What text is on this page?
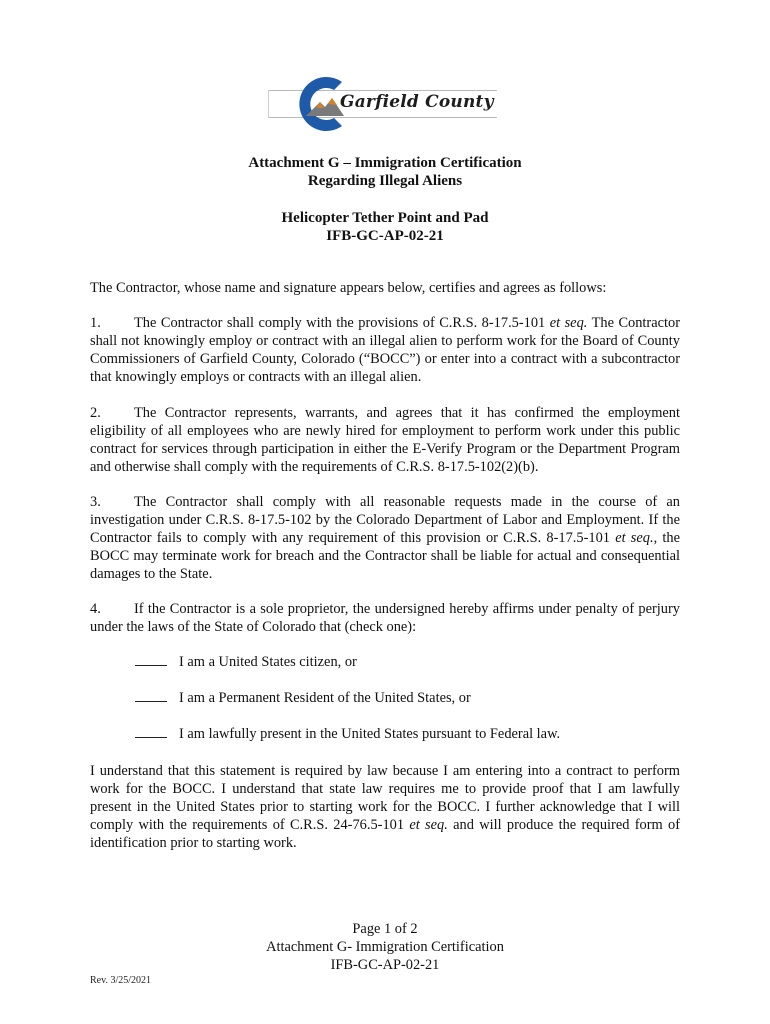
Garfield County
Attachment G – Immigration Certification
Regarding Illegal Aliens
Helicopter Tether Point and Pad
IFB-GC-AP-02-21
The Contractor, whose name and signature appears below, certifies and agrees as follows:
1. The Contractor shall comply with the provisions of C.R.S. 8-17.5-101 et seq. The Contractor shall not knowingly employ or contract with an illegal alien to perform work for the Board of County Commissioners of Garfield County, Colorado (“BOCC”) or enter into a contract with a subcontractor that knowingly employs or contracts with an illegal alien.
2. The Contractor represents, warrants, and agrees that it has confirmed the employment eligibility of all employees who are newly hired for employment to perform work under this public contract for services through participation in either the E-Verify Program or the Department Program and otherwise shall comply with the requirements of C.R.S. 8-17.5-102(2)(b).
3. The Contractor shall comply with all reasonable requests made in the course of an investigation under C.R.S. 8-17.5-102 by the Colorado Department of Labor and Employment. If the Contractor fails to comply with any requirement of this provision or C.R.S. 8-17.5-101 et seq., the BOCC may terminate work for breach and the Contractor shall be liable for actual and consequential damages to the State.
4. If the Contractor is a sole proprietor, the undersigned hereby affirms under penalty of perjury under the laws of the State of Colorado that (check one):
I am a United States citizen, or
I am a Permanent Resident of the United States, or
I am lawfully present in the United States pursuant to Federal law.
I understand that this statement is required by law because I am entering into a contract to perform work for the BOCC. I understand that state law requires me to provide proof that I am lawfully present in the United States prior to starting work for the BOCC. I further acknowledge that I will comply with the requirements of C.R.S. 24-76.5-101 et seq. and will produce the required form of identification prior to starting work.
Page 1 of 2
Attachment G- Immigration Certification
IFB-GC-AP-02-21
Rev. 3/25/2021
